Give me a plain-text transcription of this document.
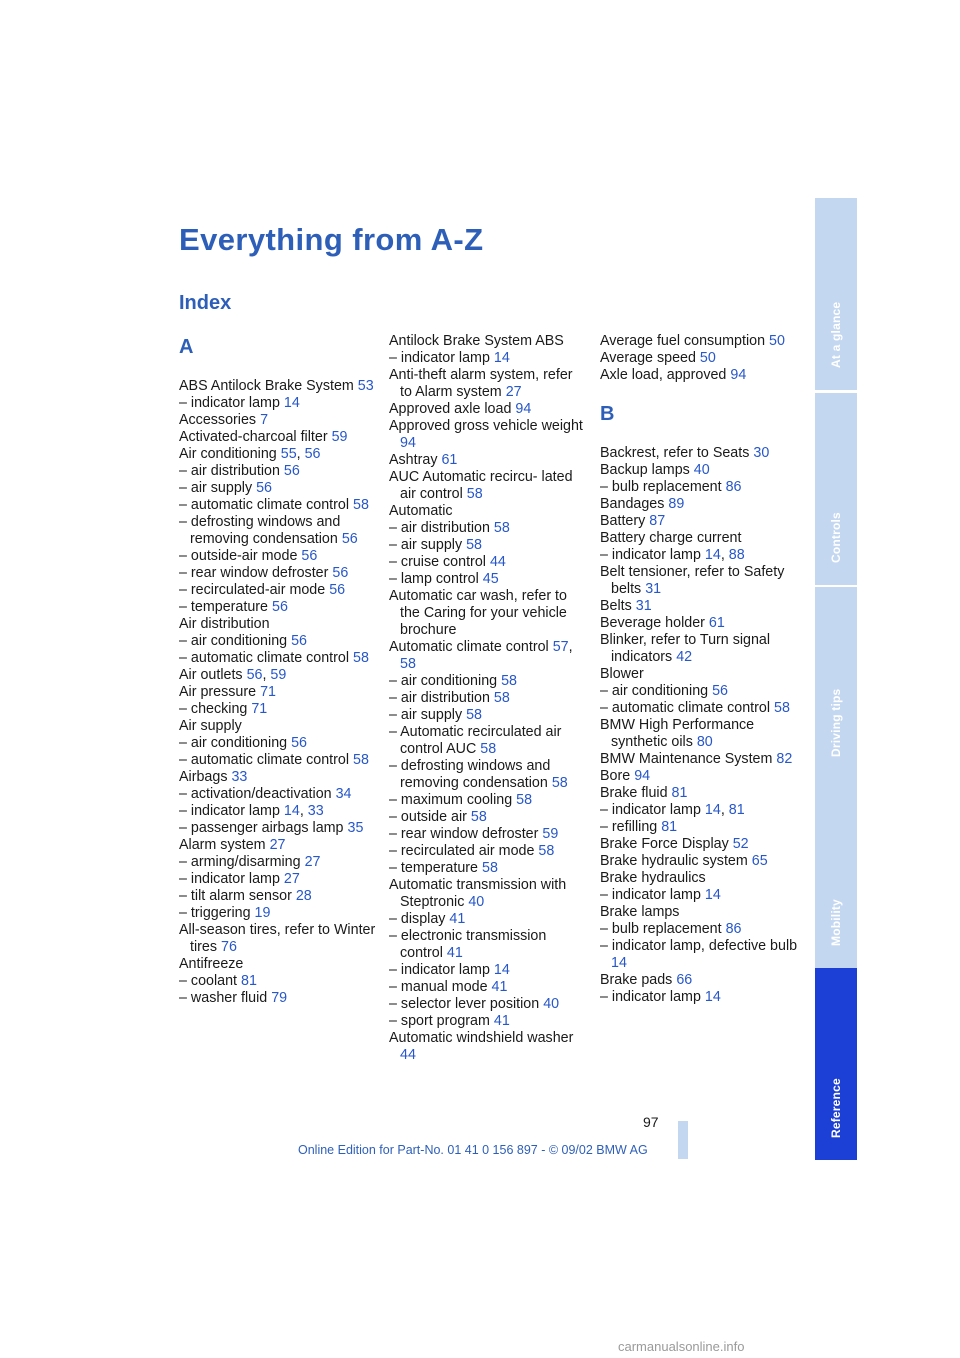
Everything from A-Z
Index
A
ABS Antilock Brake System 53
– indicator lamp 14
Accessories 7
Activated-charcoal filter 59
Air conditioning 55, 56
– air distribution 56
– air supply 56
– automatic climate control 58
– defrosting windows and removing condensation 56
– outside-air mode 56
– rear window defroster 56
– recirculated-air mode 56
– temperature 56
Air distribution
– air conditioning 56
– automatic climate control 58
Air outlets 56, 59
Air pressure 71
– checking 71
Air supply
– air conditioning 56
– automatic climate control 58
Airbags 33
– activation/deactivation 34
– indicator lamp 14, 33
– passenger airbags lamp 35
Alarm system 27
– arming/disarming 27
– indicator lamp 27
– tilt alarm sensor 28
– triggering 19
All-season tires, refer to Winter tires 76
Antifreeze
– coolant 81
– washer fluid 79
Antilock Brake System ABS
– indicator lamp 14
Anti-theft alarm system, refer to Alarm system 27
Approved axle load 94
Approved gross vehicle weight 94
Ashtray 61
AUC Automatic recircu- lated air control 58
Automatic
– air distribution 58
– air supply 58
– cruise control 44
– lamp control 45
Automatic car wash, refer to the Caring for your vehicle brochure
Automatic climate control 57, 58
– air conditioning 58
– air distribution 58
– air supply 58
– Automatic recirculated air control AUC 58
– defrosting windows and removing condensation 58
– maximum cooling 58
– outside air 58
– rear window defroster 59
– recirculated air mode 58
– temperature 58
Automatic transmission with Steptronic 40
– display 41
– electronic transmission control 41
– indicator lamp 14
– manual mode 41
– selector lever position 40
– sport program 41
Automatic windshield washer 44
Average fuel consumption 50
Average speed 50
Axle load, approved 94
B
Backrest, refer to Seats 30
Backup lamps 40
– bulb replacement 86
Bandages 89
Battery 87
Battery charge current
– indicator lamp 14, 88
Belt tensioner, refer to Safety belts 31
Belts 31
Beverage holder 61
Blinker, refer to Turn signal indicators 42
Blower
– air conditioning 56
– automatic climate control 58
BMW High Performance synthetic oils 80
BMW Maintenance System 82
Bore 94
Brake fluid 81
– indicator lamp 14, 81
– refilling 81
Brake Force Display 52
Brake hydraulic system 65
Brake hydraulics
– indicator lamp 14
Brake lamps
– bulb replacement 86
– indicator lamp, defective bulb 14
Brake pads 66
– indicator lamp 14
At a glance
Controls
Driving tips
Mobility
Reference
97
Online Edition for Part-No. 01 41 0 156 897 - © 09/02 BMW AG
carmanualsonline.info
